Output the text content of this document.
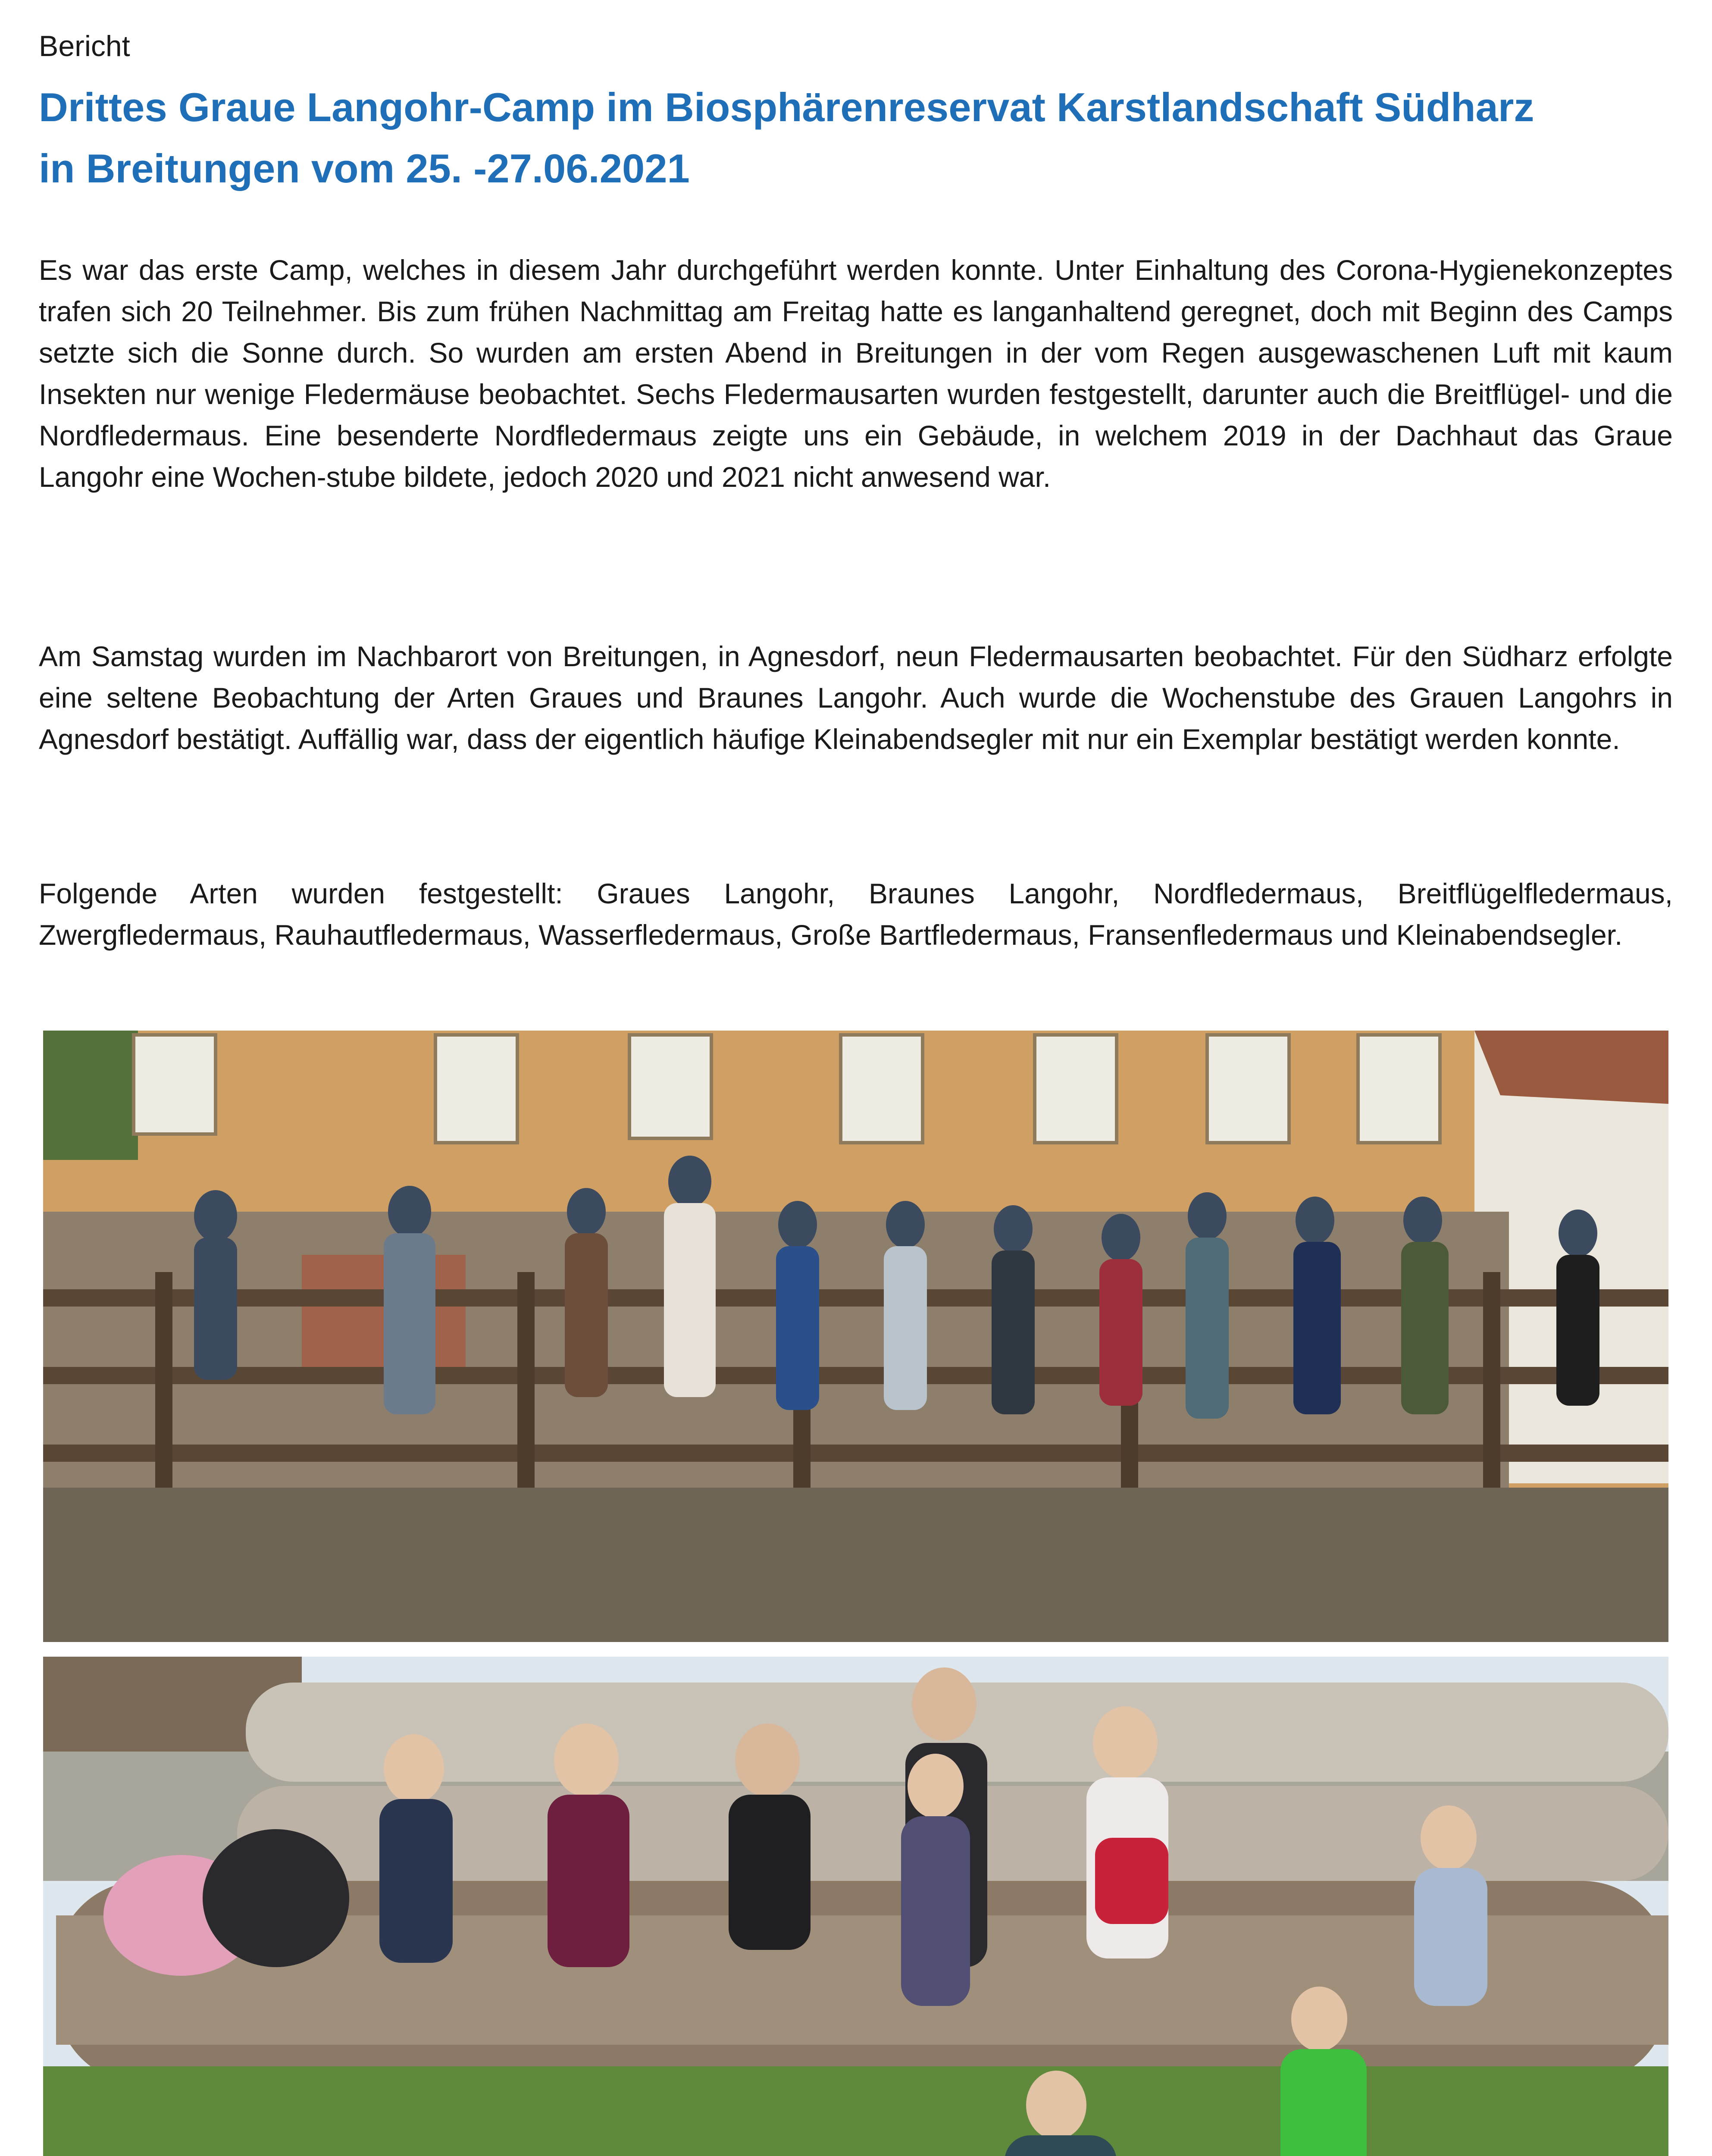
Bericht
Drittes Graue Langohr-Camp im Biosphärenreservat Karstlandschaft Südharz
in Breitungen vom 25. -27.06.2021

Es war das erste Camp, welches in diesem Jahr durchgeführt werden konnte. Unter Einhaltung des Corona-Hygienekonzeptes trafen sich 20 Teilnehmer. Bis zum frühen Nachmittag am Freitag hatte es langanhaltend geregnet, doch mit Beginn des Camps setzte sich die Sonne durch. So wurden am ersten Abend in Breitungen in der vom Regen ausgewaschenen Luft mit kaum Insekten nur wenige Fledermäuse beobachtet. Sechs Fledermausarten wurden festgestellt, darunter auch die Breitflügel- und die Nordfledermaus. Eine besenderte Nordfledermaus zeigte uns ein Gebäude, in welchem 2019 in der Dachhaut das Graue Langohr eine Wochen-stube bildete, jedoch 2020 und 2021 nicht anwesend war.

Am Samstag wurden im Nachbarort von Breitungen, in Agnesdorf, neun Fledermausarten beobachtet. Für den Südharz erfolgte eine seltene Beobachtung der Arten Graues und Braunes Langohr. Auch wurde die Wochenstube des Grauen Langohrs in Agnesdorf bestätigt. Auffällig war, dass der eigentlich häufige Kleinabendsegler mit nur ein Exemplar bestätigt werden konnte.

Folgende Arten wurden festgestellt: Graues Langohr, Braunes Langohr, Nordfledermaus, Breitflügelfledermaus, Zwergfledermaus, Rauhautfledermaus, Wasserfledermaus, Große Bartfledermaus, Fransenfledermaus und Kleinabendsegler.
